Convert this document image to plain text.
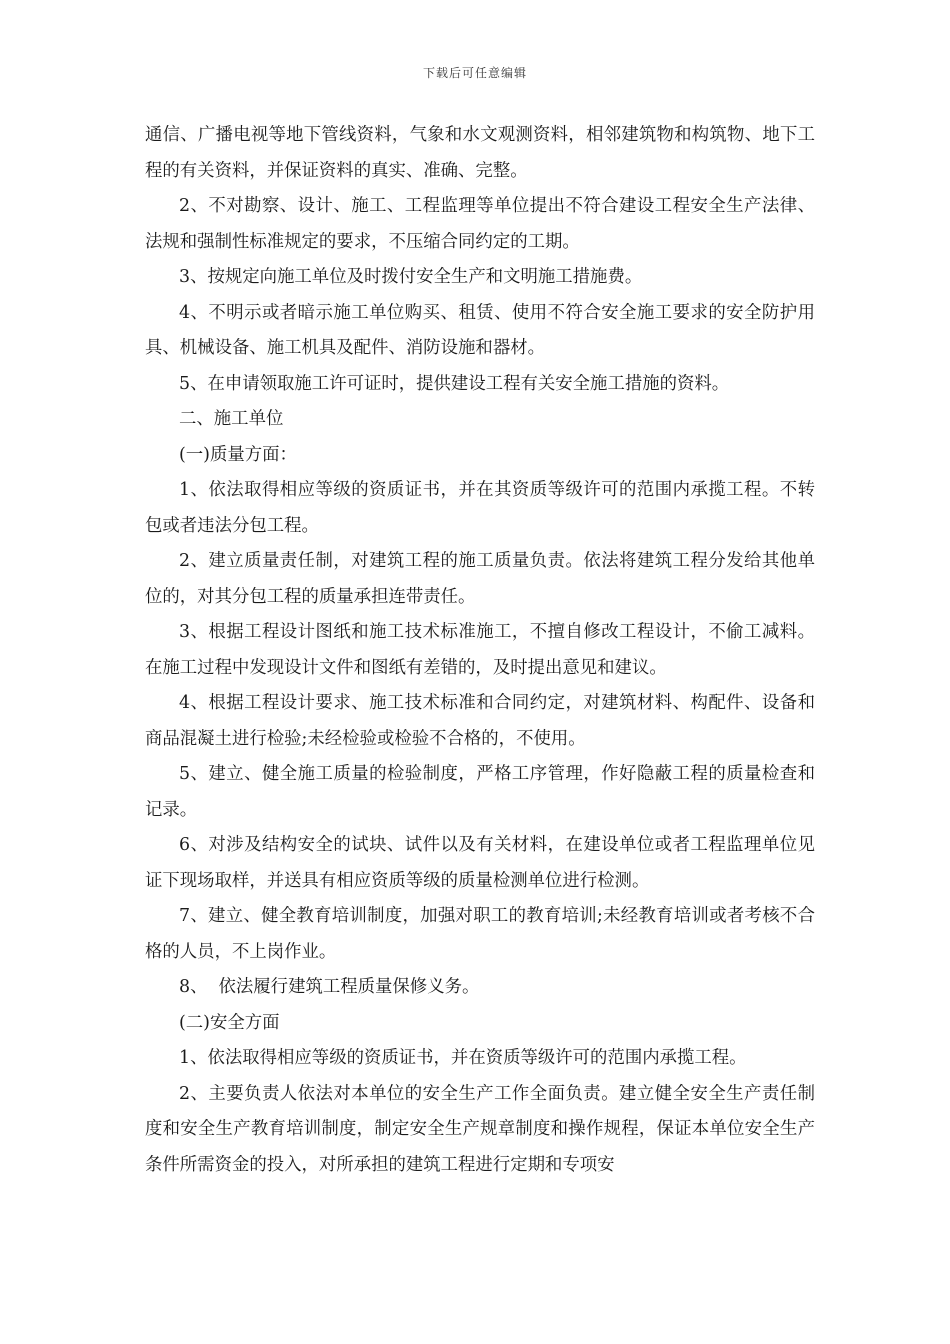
下载后可任意编辑

通信、广播电视等地下管线资料，气象和水文观测资料，相邻建筑物和构筑物、地下工程的有关资料，并保证资料的真实、准确、完整。

2、不对勘察、设计、施工、工程监理等单位提出不符合建设工程安全生产法律、法规和强制性标准规定的要求，不压缩合同约定的工期。

3、按规定向施工单位及时拨付安全生产和文明施工措施费。

4、不明示或者暗示施工单位购买、租赁、使用不符合安全施工要求的安全防护用具、机械设备、施工机具及配件、消防设施和器材。

5、在申请领取施工许可证时，提供建设工程有关安全施工措施的资料。

二、施工单位

(一)质量方面：

1、依法取得相应等级的资质证书，并在其资质等级许可的范围内承揽工程。不转包或者违法分包工程。

2、建立质量责任制，对建筑工程的施工质量负责。依法将建筑工程分发给其他单位的，对其分包工程的质量承担连带责任。

3、根据工程设计图纸和施工技术标准施工，不擅自修改工程设计，不偷工减料。在施工过程中发现设计文件和图纸有差错的，及时提出意见和建议。

4、根据工程设计要求、施工技术标准和合同约定，对建筑材料、构配件、设备和商品混凝土进行检验;未经检验或检验不合格的，不使用。

5、建立、健全施工质量的检验制度，严格工序管理，作好隐蔽工程的质量检查和记录。

6、对涉及结构安全的试块、试件以及有关材料，在建设单位或者工程监理单位见证下现场取样，并送具有相应资质等级的质量检测单位进行检测。

7、建立、健全教育培训制度，加强对职工的教育培训;未经教育培训或者考核不合格的人员，不上岗作业。

8、  依法履行建筑工程质量保修义务。

(二)安全方面

1、依法取得相应等级的资质证书，并在资质等级许可的范围内承揽工程。

2、主要负责人依法对本单位的安全生产工作全面负责。建立健全安全生产责任制度和安全生产教育培训制度，制定安全生产规章制度和操作规程，保证本单位安全生产条件所需资金的投入，对所承担的建筑工程进行定期和专项安
